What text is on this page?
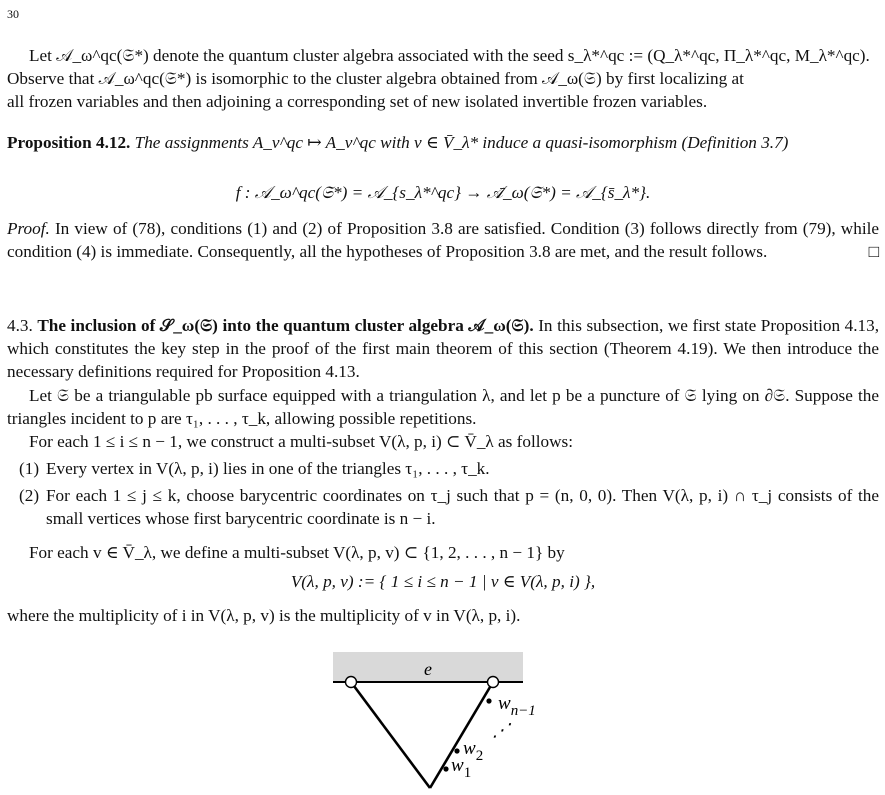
30

Let 𝒜_ω^qc(𝔖*) denote the quantum cluster algebra associated with the seed s_λ*^qc := (Q_λ*^qc, Π_λ*^qc, M_λ*^qc).

Observe that 𝒜_ω^qc(𝔖*) is isomorphic to the cluster algebra obtained from 𝒜_ω(𝔖) by first localizing at

all frozen variables and then adjoining a corresponding set of new isolated invertible frozen variables.

Proposition 4.12. The assignments A_v^qc ↦ A_v^qc with v ∈ V̄_λ* induce a quasi-isomorphism (Definition 3.7)

f : 𝒜_ω^qc(𝔖*) = 𝒜_{s_λ*^qc} → 𝒜̄_ω(𝔖*) = 𝒜_{s̄_λ*}.

Proof. In view of (78), conditions (1) and (2) of Proposition 3.8 are satisfied. Condition (3) follows directly from (79), while condition (4) is immediate. Consequently, all the hypotheses of Proposition 3.8 are met, and the result follows.	□

4.3. The inclusion of 𝒮_ω(𝔖) into the quantum cluster algebra 𝒜_ω(𝔖). In this subsection, we first state Proposition 4.13, which constitutes the key step in the proof of the first main theorem of this section (Theorem 4.19). We then introduce the necessary definitions required for Proposition 4.13.

Let 𝔖 be a triangulable pb surface equipped with a triangulation λ, and let p be a puncture of 𝔖 lying on ∂𝔖. Suppose the triangles incident to p are τ₁, . . . , τ_k, allowing possible repetitions.

For each 1 ≤ i ≤ n − 1, we construct a multi-subset V(λ, p, i) ⊂ V̄_λ as follows:

(1) Every vertex in V(λ, p, i) lies in one of the triangles τ₁, . . . , τ_k.
(2) For each 1 ≤ j ≤ k, choose barycentric coordinates on τ_j such that p = (n, 0, 0). Then V(λ, p, i) ∩ τ_j consists of the small vertices whose first barycentric coordinate is n − i.

For each v ∈ V̄_λ, we define a multi-subset V(λ, p, v) ⊂ {1, 2, . . . , n − 1} by

V(λ, p, v) := { 1 ≤ i ≤ n − 1 | v ∈ V(λ, p, i) },

where the multiplicity of i in V(λ, p, v) is the multiplicity of v in V(λ, p, i).

e
$w_{n-1}$
⋰
$w_2$
$w_1$
